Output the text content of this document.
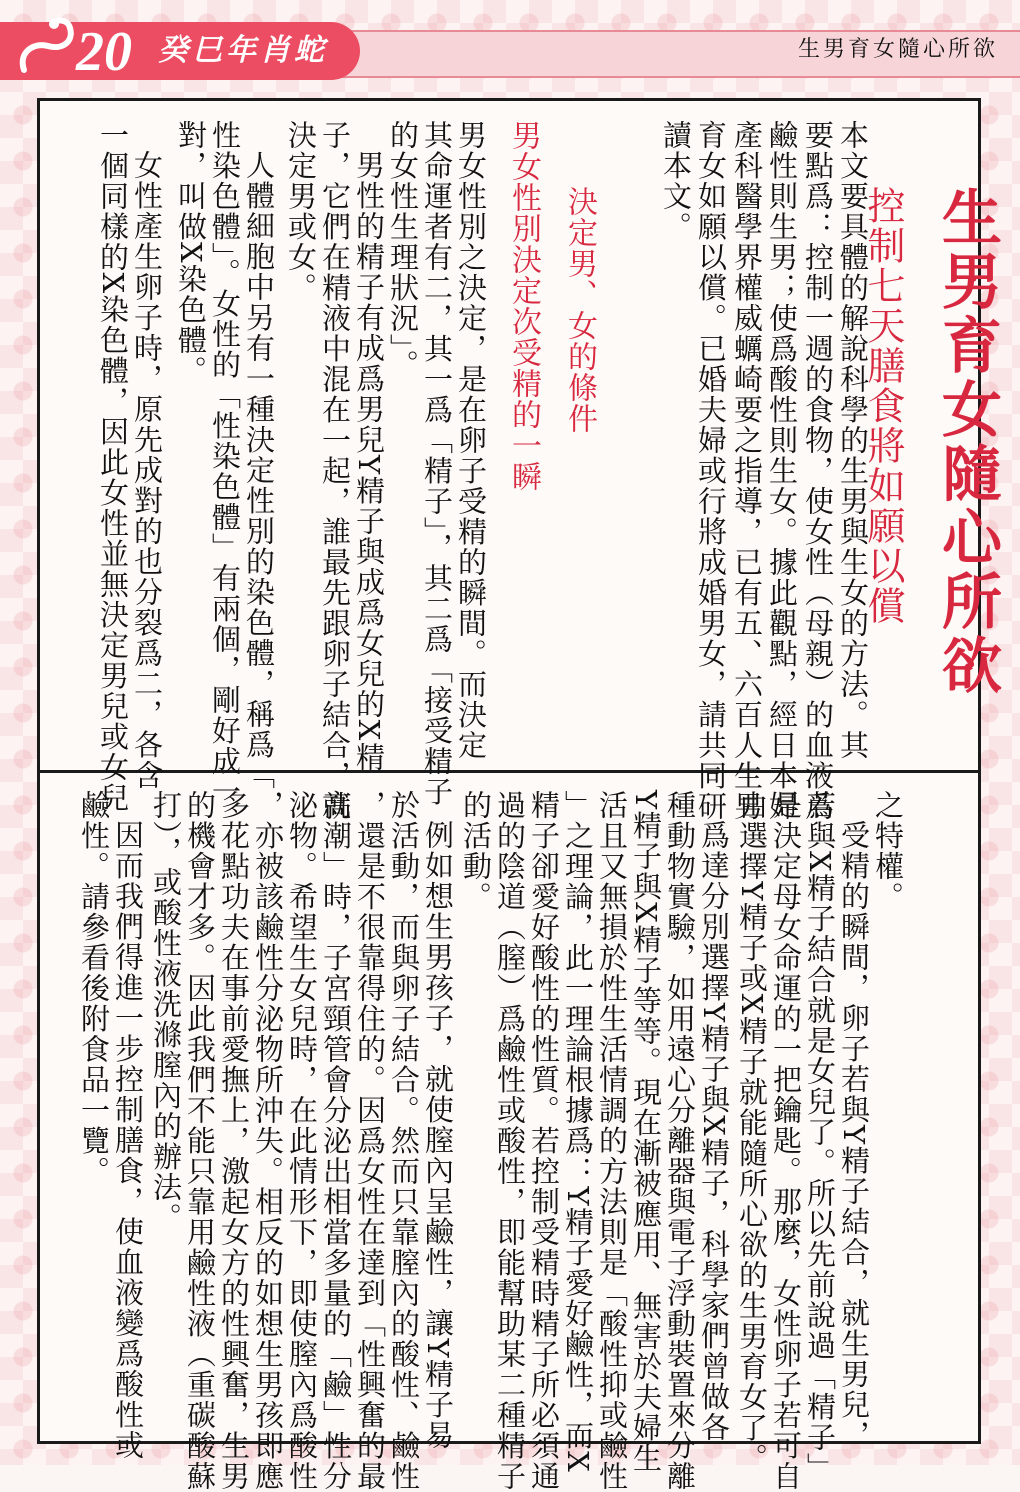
20 癸巳年肖蛇	生男育女隨心所欲
生男育女隨心所欲
控制七天膳食將如願以償
本文要具體的解說科學的生男與生女的方法。其
要點爲：控制一週的食物，使女性（母親）的血液爲
鹼性則生男；使爲酸性則生女。據此觀點，經日本婦
產科醫學界權威蠣崎要之指導，已有五、六百人生男
育女如願以償。已婚夫婦或行將成婚男女，請共同研
讀本文。
決定男、女的條件
男女性別決定次受精的一瞬
男女性別之決定，是在卵子受精的瞬間。而決定
其命運者有二，其一爲「精子」，其二爲「接受精子
的女性生理狀況」。
男性的精子有成爲男兒Y精子與成爲女兒的X精
子，它們在精液中混在一起，誰最先跟卵子結合，就
決定男或女。
人體細胞中另有一種決定性別的染色體，稱爲「
性染色體」。女性的「性染色體」有兩個，剛好成一
對，叫做X染色體。
女性產生卵子時，原先成對的也分裂爲二，各含
一個同樣的X染色體，因此女性並無決定男兒或女兒
之特權。
受精的瞬間，卵子若與Y精子結合，就生男兒，
若與X精子結合就是女兒了。所以先前說過「精子」
是決定母女命運的一把鑰匙。那麼，女性卵子若可自
由選擇Y精子或X精子就能隨所心欲的生男育女了。
爲達分別選擇Y精子與X精子，科學家們曾做各
種動物實驗，如用遠心分離器與電子浮動裝置來分離
Y精子與X精子等等。現在漸被應用、無害於夫婦生
活且又無損於性生活情調的方法則是「酸性抑或鹼性
」之理論，此一理論根據爲：Y精子愛好鹼性，而X
精子卻愛好酸性的性質。若控制受精時精子所必須通
過的陰道（膣）爲鹼性或酸性，即能幫助某二種精子
的活動。
例如想生男孩子，就使膣內呈鹼性，讓Y精子易
於活動，而與卵子結合。然而只靠膣內的酸性、鹼性
，還是不很靠得住的。因爲女性在達到「性興奮的最
高潮」時，子宮頸管會分泌出相當多量的「鹼」性分
泌物。希望生女兒時，在此情形下，即使膣內爲酸性
，亦被該鹼性分泌物所沖失。相反的如想生男孩即應
多花點功夫在事前愛撫上，激起女方的性興奮，生男
的機會才多。因此我們不能只靠用鹼性液（重碳酸蘇
打），或酸性液洗滌膣內的辦法。
因而我們得進一步控制膳食，使血液變爲酸性或
鹼性。請參看後附食品一覽。
